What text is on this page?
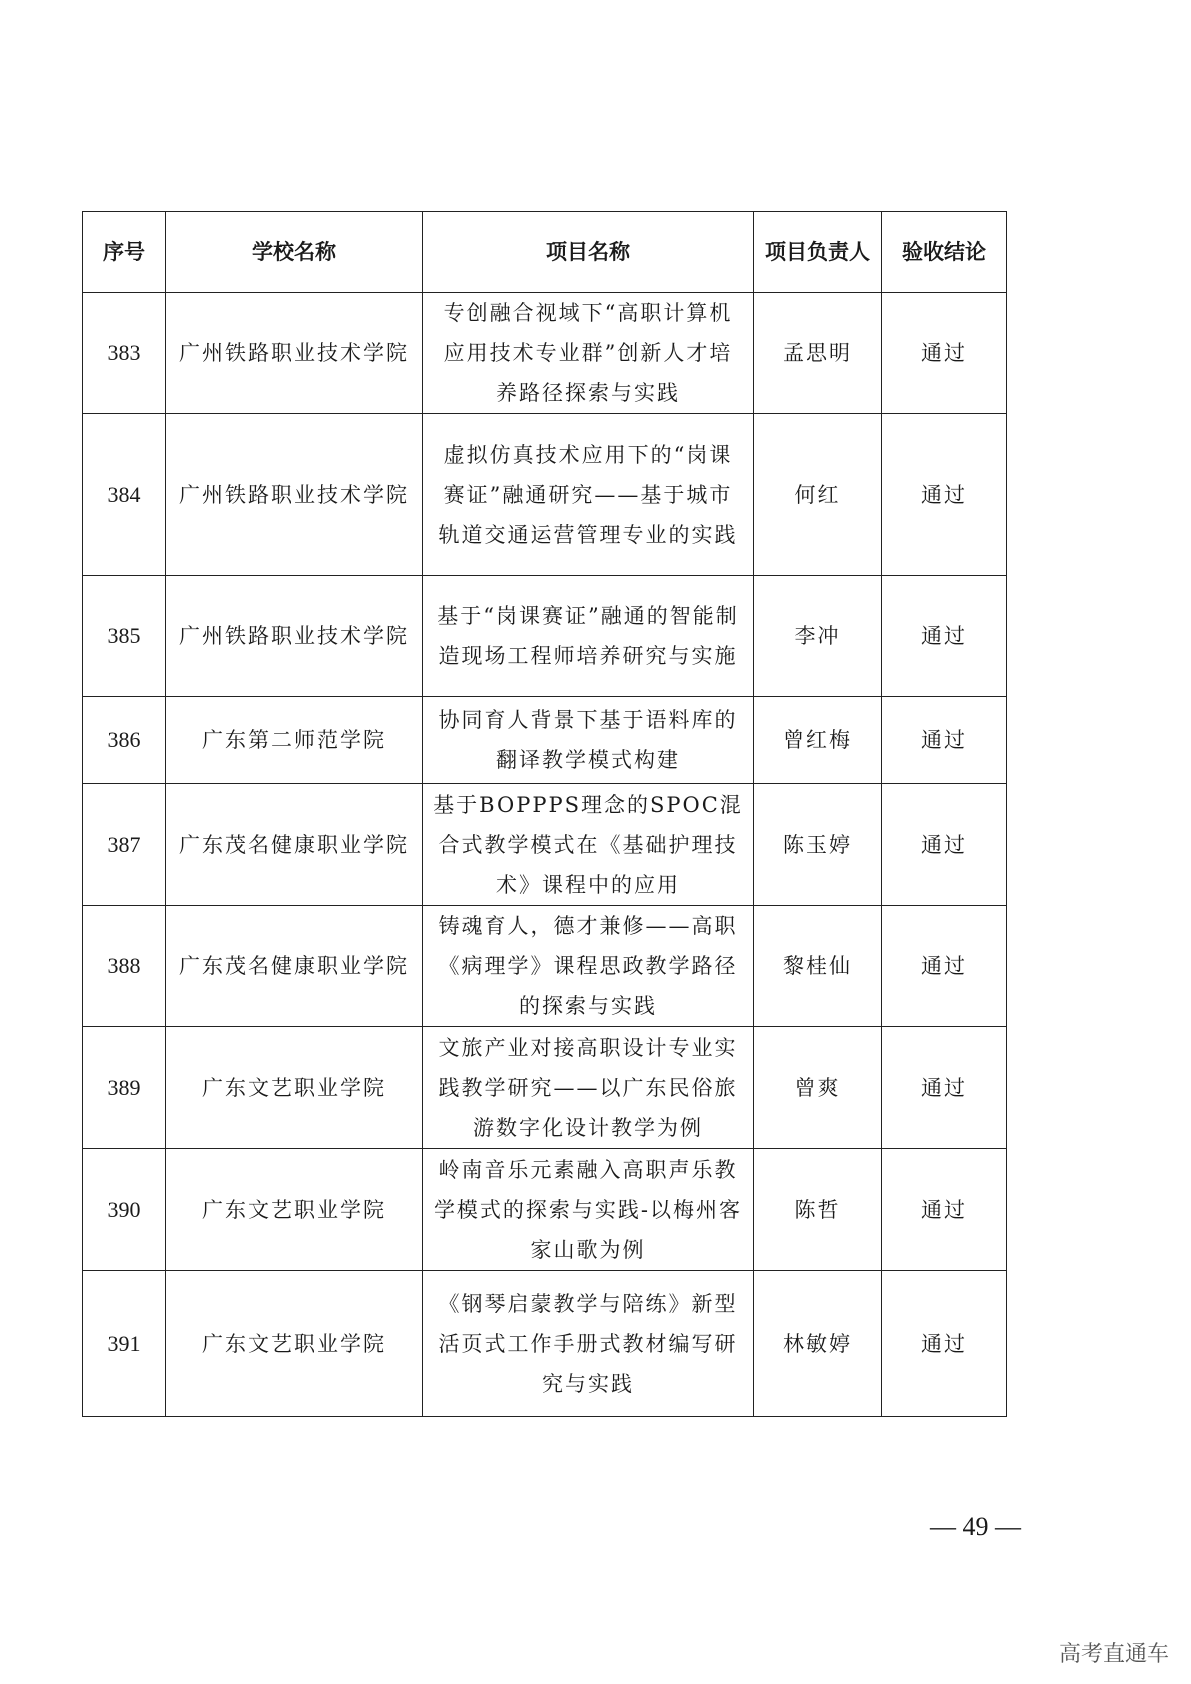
序号	学校名称	项目名称	项目负责人	验收结论
383	广州铁路职业技术学院	专创融合视域下“高职计算机应用技术专业群”创新人才培养路径探索与实践	孟思明	通过
384	广州铁路职业技术学院	虚拟仿真技术应用下的“岗课赛证”融通研究——基于城市轨道交通运营管理专业的实践	何红	通过
385	广州铁路职业技术学院	基于“岗课赛证”融通的智能制造现场工程师培养研究与实施	李冲	通过
386	广东第二师范学院	协同育人背景下基于语料库的翻译教学模式构建	曾红梅	通过
387	广东茂名健康职业学院	基于BOPPPS理念的SPOC混合式教学模式在《基础护理技术》课程中的应用	陈玉婷	通过
388	广东茂名健康职业学院	铸魂育人，德才兼修——高职《病理学》课程思政教学路径的探索与实践	黎桂仙	通过
389	广东文艺职业学院	文旅产业对接高职设计专业实践教学研究——以广东民俗旅游数字化设计教学为例	曾爽	通过
390	广东文艺职业学院	岭南音乐元素融入高职声乐教学模式的探索与实践-以梅州客家山歌为例	陈哲	通过
391	广东文艺职业学院	《钢琴启蒙教学与陪练》新型活页式工作手册式教材编写研究与实践	林敏婷	通过
— 49 —
高考直通车
